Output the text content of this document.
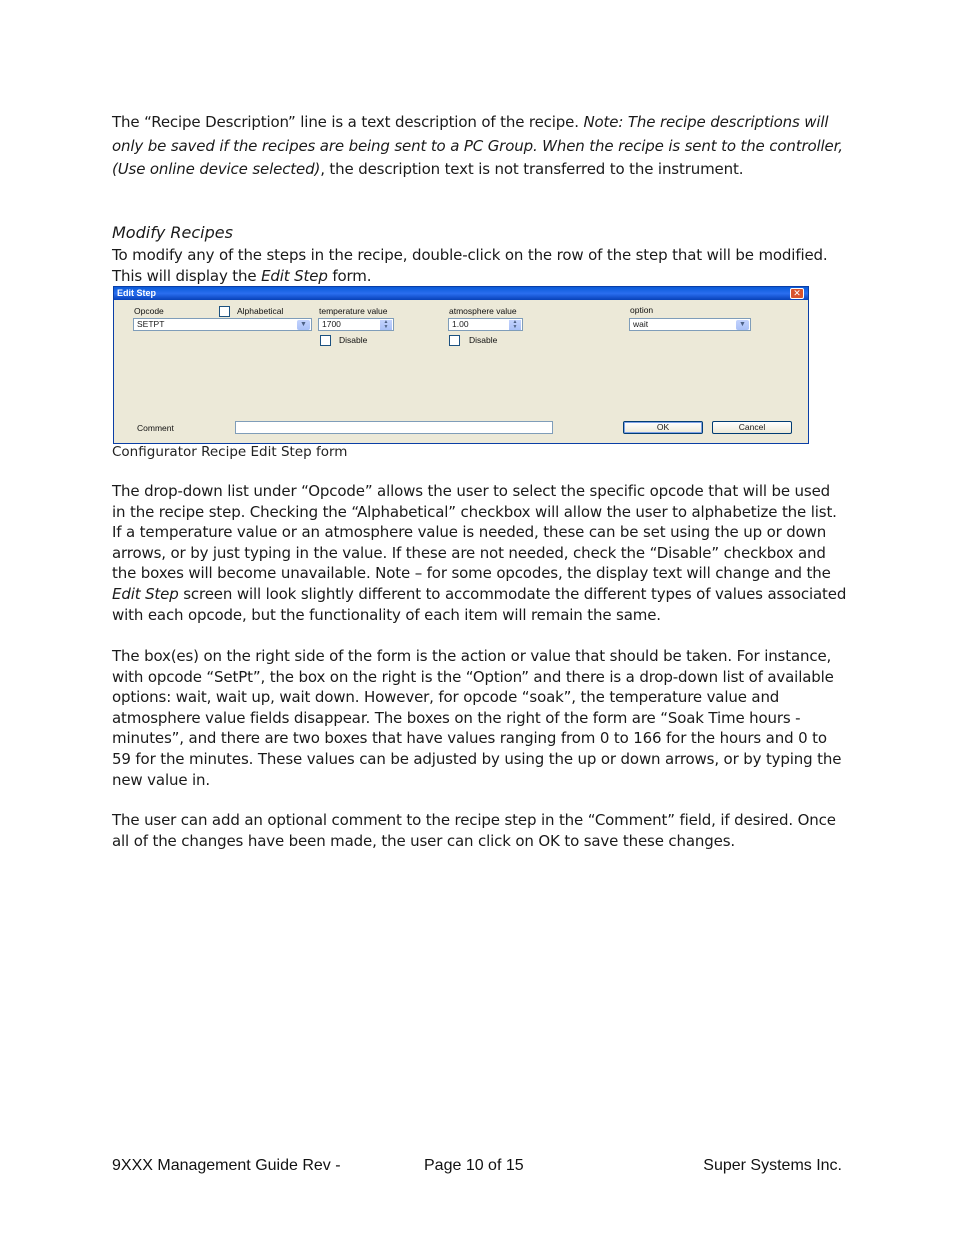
The “Recipe Description” line is a text description of the recipe. Note: The recipe descriptions will only be saved if the recipes are being sent to a PC Group. When the recipe is sent to the controller, (Use online device selected), the description text is not transferred to the instrument.

Modify Recipes

To modify any of the steps in the recipe, double-click on the row of the step that will be modified. This will display the Edit Step form.

Edit Step	✕
Opcode	Alphabetical
SETPT	▼
temperature value
1700	▲
▼
Disable
atmosphere value
1.00	▲
▼
Disable
option
wait	▼
Comment	OK	Cancel
Configurator Recipe Edit Step form

The drop-down list under “Opcode” allows the user to select the specific opcode that will be used in the recipe step. Checking the “Alphabetical” checkbox will allow the user to alphabetize the list. If a temperature value or an atmosphere value is needed, these can be set using the up or down arrows, or by just typing in the value. If these are not needed, check the “Disable” checkbox and the boxes will become unavailable. Note – for some opcodes, the display text will change and the Edit Step screen will look slightly different to accommodate the different types of values associated with each opcode, but the functionality of each item will remain the same.

The box(es) on the right side of the form is the action or value that should be taken. For instance, with opcode “SetPt”, the box on the right is the “Option” and there is a drop-down list of available options: wait, wait up, wait down. However, for opcode “soak”, the temperature value and atmosphere value fields disappear. The boxes on the right of the form are “Soak Time hours - minutes”, and there are two boxes that have values ranging from 0 to 166 for the hours and 0 to 59 for the minutes. These values can be adjusted by using the up or down arrows, or by typing the new value in.

The user can add an optional comment to the recipe step in the “Comment” field, if desired. Once all of the changes have been made, the user can click on OK to save these changes.

9XXX Management Guide Rev -	Page 10 of 15	Super Systems Inc.
